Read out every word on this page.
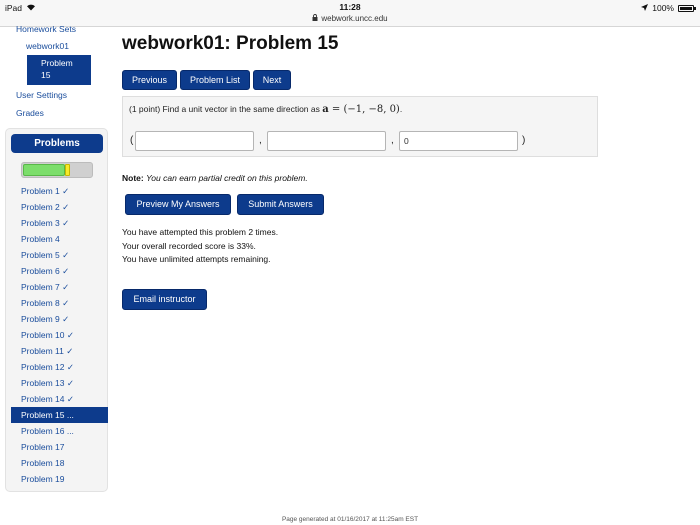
iPad	11:28
webwork.uncc.edu
100%
Homework Sets
webwork01
Problem
15
User Settings
Grades
Problems
Problem 1 ✓
Problem 2 ✓
Problem 3 ✓
Problem 4
Problem 5 ✓
Problem 6 ✓
Problem 7 ✓
Problem 8 ✓
Problem 9 ✓
Problem 10 ✓
Problem 11 ✓
Problem 12 ✓
Problem 13 ✓
Problem 14 ✓
Problem 15 ...
Problem 16 ...
Problem 17
Problem 18
Problem 19
webwork01: Problem 15
Previous	Problem List	Next
(1 point) Find a unit vector in the same direction as a = (−1, −8, 0).
(	,	,	0	)
Note: You can earn partial credit on this problem.
Preview My Answers	Submit Answers
You have attempted this problem 2 times.
Your overall recorded score is 33%.
You have unlimited attempts remaining.
Email instructor
Page generated at 01/16/2017 at 11:25am EST
